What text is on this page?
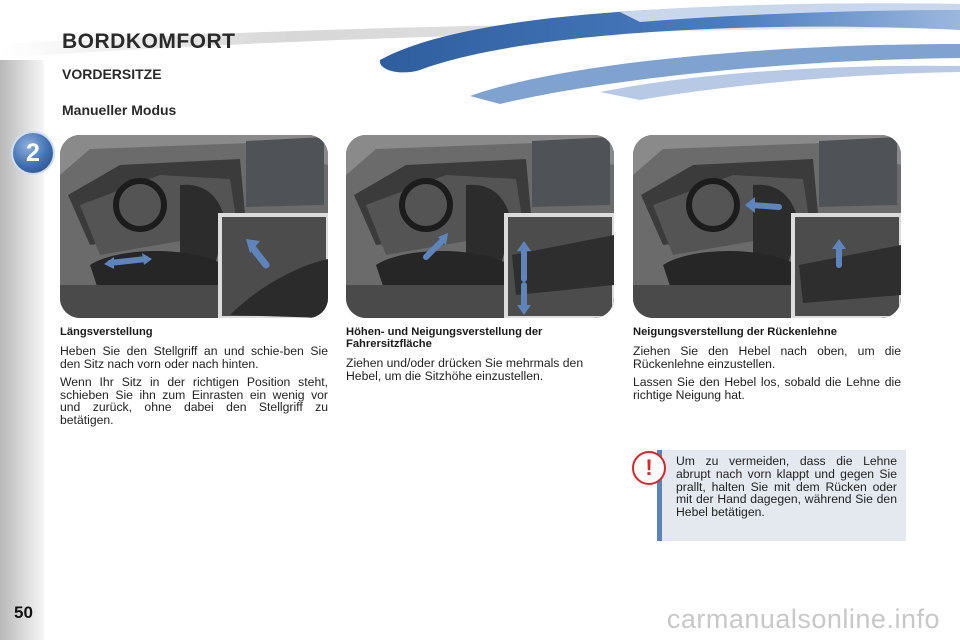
BORDKOMFORT
VORDERSITZE
Manueller Modus
2
Längsverstellung

Heben Sie den Stellgriff an und schie-ben Sie den Sitz nach vorn oder nach hinten.

Wenn Ihr Sitz in der richtigen Position steht, schieben Sie ihn zum Einrasten ein wenig vor und zurück, ohne dabei den Stellgriff zu betätigen.

Höhen- und Neigungsverstellung der Fahrersitzfläche

Ziehen und/oder drücken Sie mehrmals den Hebel, um die Sitzhöhe einzustellen.

Neigungsverstellung der Rückenlehne

Ziehen Sie den Hebel nach oben, um die Rückenlehne einzustellen.

Lassen Sie den Hebel los, sobald die Lehne die richtige Neigung hat.

Um zu vermeiden, dass die Lehne abrupt nach vorn klappt und gegen Sie prallt, halten Sie mit dem Rücken oder mit der Hand dagegen, während Sie den Hebel betätigen.

!
50	carmanualsonline.info
